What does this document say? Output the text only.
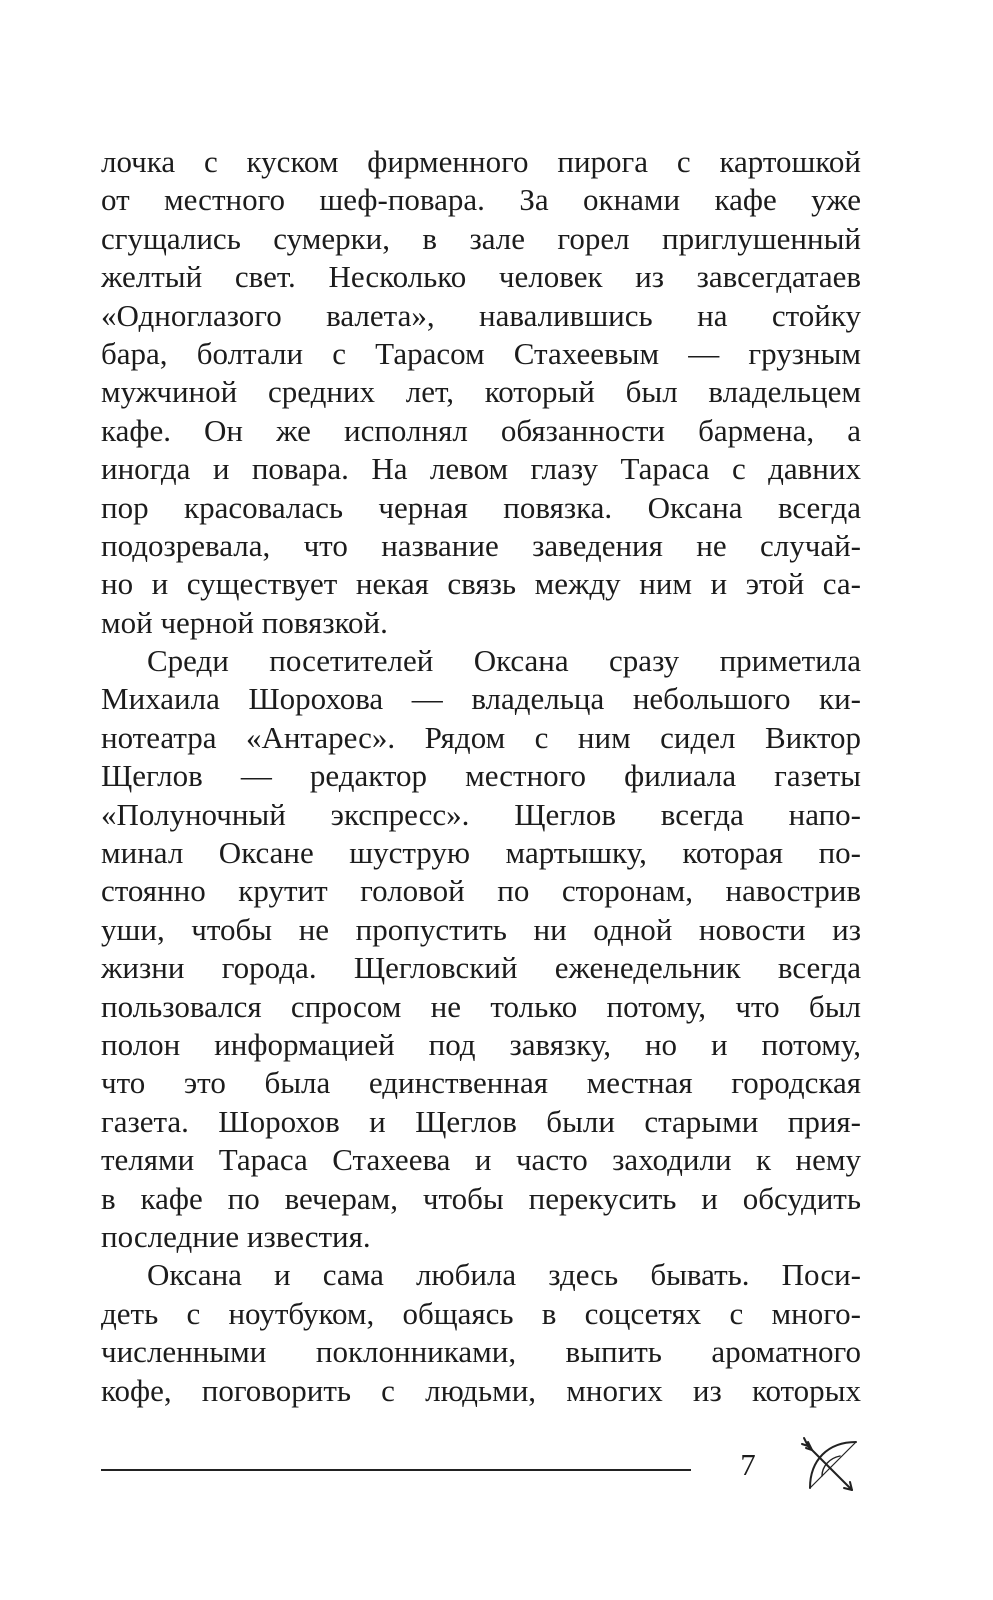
лочка с куском фирменного пирога с картошкой
от местного шеф-повара. За окнами кафе уже
сгущались сумерки, в зале горел приглушенный
желтый свет. Несколько человек из завсегдатаев
«Одноглазого валета», навалившись на стойку
бара, болтали с Тарасом Стахеевым — грузным
мужчиной средних лет, который был владельцем
кафе. Он же исполнял обязанности бармена, а
иногда и повара. На левом глазу Тараса с давних
пор красовалась черная повязка. Оксана всегда
подозревала, что название заведения не случай-
но и существует некая связь между ним и этой са-
мой черной повязкой.
Среди посетителей Оксана сразу приметила
Михаила Шорохова — владельца небольшого ки-
нотеатра «Антарес». Рядом с ним сидел Виктор
Щеглов — редактор местного филиала газеты
«Полуночный экспресс». Щеглов всегда напо-
минал Оксане шуструю мартышку, которая по-
стоянно крутит головой по сторонам, навострив
уши, чтобы не пропустить ни одной новости из
жизни города. Щегловский еженедельник всегда
пользовался спросом не только потому, что был
полон информацией под завязку, но и потому,
что это была единственная местная городская
газета. Шорохов и Щеглов были старыми прия-
телями Тараса Стахеева и часто заходили к нему
в кафе по вечерам, чтобы перекусить и обсудить
последние известия.
Оксана и сама любила здесь бывать. Поси-
деть с ноутбуком, общаясь в соцсетях с много-
численными поклонниками, выпить ароматного
кофе, поговорить с людьми, многих из которых
7
